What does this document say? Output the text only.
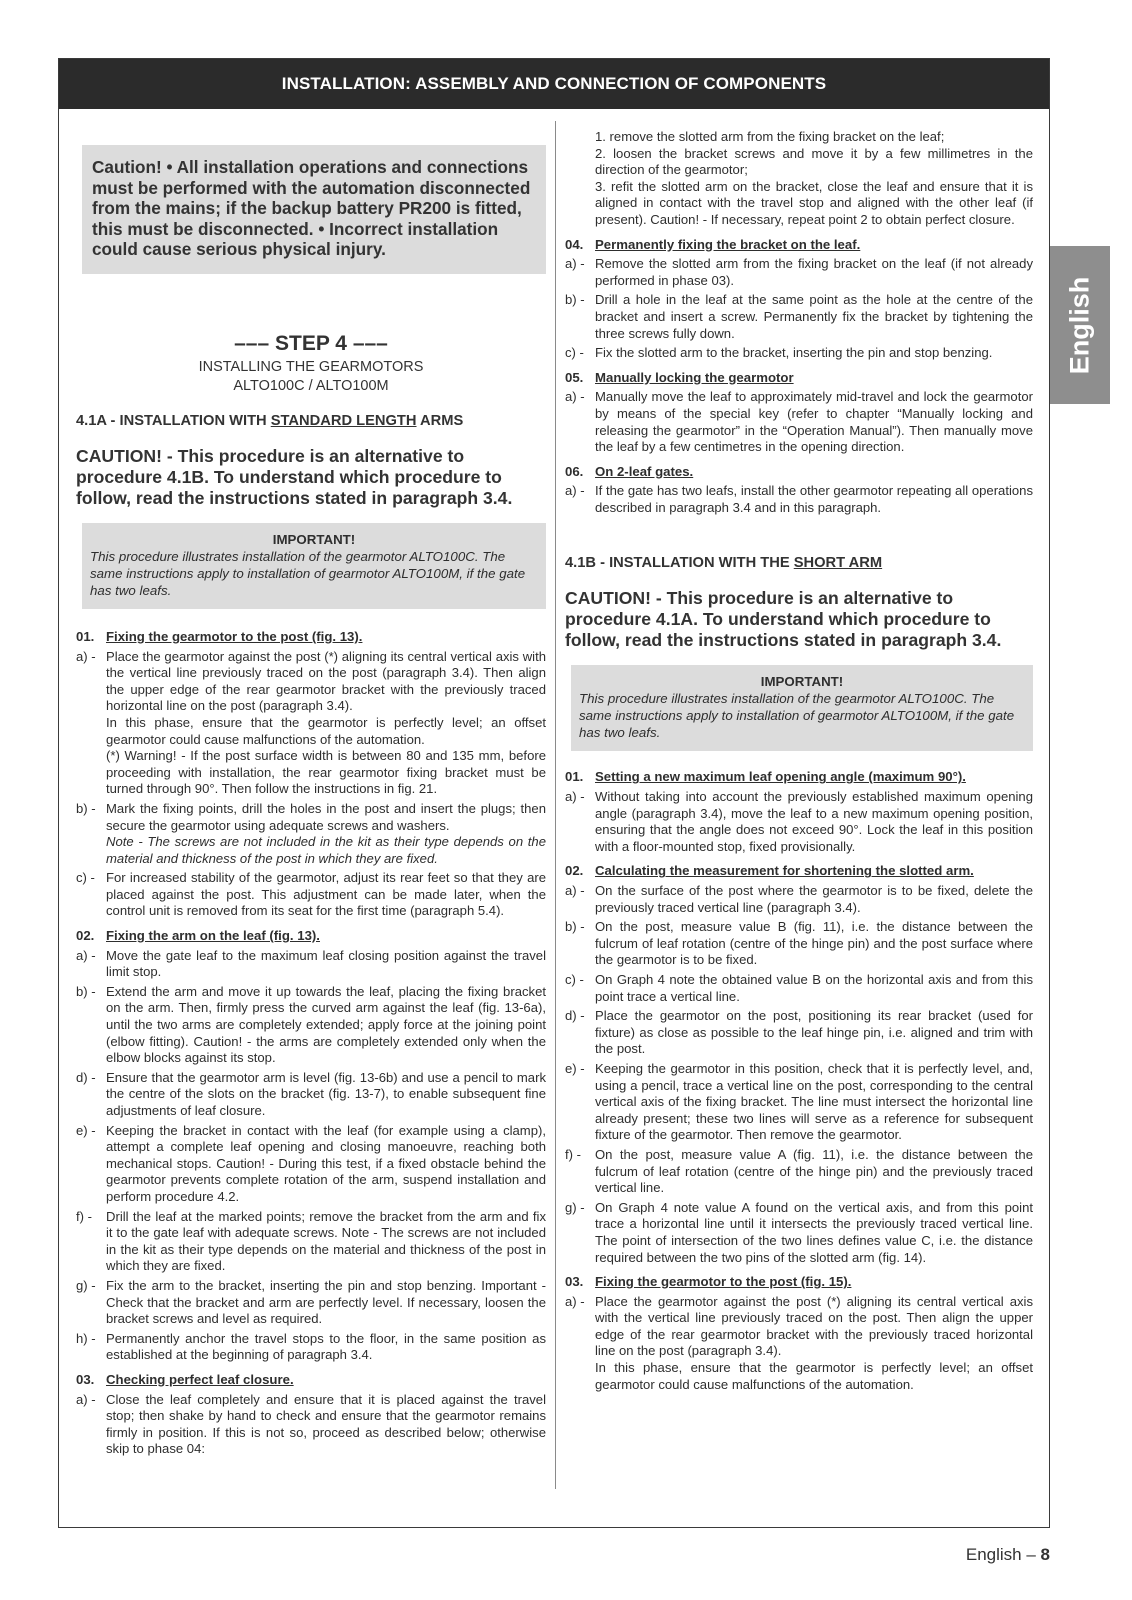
INSTALLATION: ASSEMBLY AND CONNECTION OF COMPONENTS
Caution! • All installation operations and connections must be performed with the automation disconnected from the mains; if the backup battery PR200 is fitted, this must be disconnected. • Incorrect installation could cause serious physical injury.
––– STEP 4 –––
INSTALLING THE GEARMOTORS
ALTO100C / ALTO100M
4.1A - INSTALLATION WITH STANDARD LENGTH ARMS
CAUTION! - This procedure is an alternative to procedure 4.1B. To understand which procedure to follow, read the instructions stated in paragraph 3.4.
IMPORTANT!
This procedure illustrates installation of the gearmotor ALTO100C. The same instructions apply to installation of gearmotor ALTO100M, if the gate has two leafs.
01. Fixing the gearmotor to the post (fig. 13).
a) - Place the gearmotor against the post (*) aligning its central vertical axis with the vertical line previously traced on the post (paragraph 3.4). Then align the upper edge of the rear gearmotor bracket with the previously traced horizontal line on the post (paragraph 3.4).
In this phase, ensure that the gearmotor is perfectly level; an offset gearmotor could cause malfunctions of the automation.
(*) Warning! - If the post surface width is between 80 and 135 mm, before proceeding with installation, the rear gearmotor fixing bracket must be turned through 90°. Then follow the instructions in fig. 21.
b) - Mark the fixing points, drill the holes in the post and insert the plugs; then secure the gearmotor using adequate screws and washers.
Note - The screws are not included in the kit as their type depends on the material and thickness of the post in which they are fixed.
c) - For increased stability of the gearmotor, adjust its rear feet so that they are placed against the post. This adjustment can be made later, when the control unit is removed from its seat for the first time (paragraph 5.4).
02. Fixing the arm on the leaf (fig. 13).
a) - Move the gate leaf to the maximum leaf closing position against the travel limit stop.
b) - Extend the arm and move it up towards the leaf, placing the fixing bracket on the arm. Then, firmly press the curved arm against the leaf (fig. 13-6a), until the two arms are completely extended; apply force at the joining point (elbow fitting). Caution! - the arms are completely extended only when the elbow blocks against its stop.
d) - Ensure that the gearmotor arm is level (fig. 13-6b) and use a pencil to mark the centre of the slots on the bracket (fig. 13-7), to enable subsequent fine adjustments of leaf closure.
e) - Keeping the bracket in contact with the leaf (for example using a clamp), attempt a complete leaf opening and closing manoeuvre, reaching both mechanical stops. Caution! - During this test, if a fixed obstacle behind the gearmotor prevents complete rotation of the arm, suspend installation and perform procedure 4.2.
f) -	Drill the leaf at the marked points; remove the bracket from the arm and fix it to the gate leaf with adequate screws. Note - The screws are not included in the kit as their type depends on the material and thickness of the post in which they are fixed.
g) - Fix the arm to the bracket, inserting the pin and stop benzing. Important - Check that the bracket and arm are perfectly level. If necessary, loosen the bracket screws and level as required.
h) - Permanently anchor the travel stops to the floor, in the same position as established at the beginning of paragraph 3.4.
03. Checking perfect leaf closure.
a) - Close the leaf completely and ensure that it is placed against the travel stop; then shake by hand to check and ensure that the gearmotor remains firmly in position. If this is not so, proceed as described below; otherwise skip to phase 04:

1. remove the slotted arm from the fixing bracket on the leaf;

2. loosen the bracket screws and move it by a few millimetres in the direction of the gearmotor;

3. refit the slotted arm on the bracket, close the leaf and ensure that it is aligned in contact with the travel stop and aligned with the other leaf (if present). Caution! - If necessary, repeat point 2 to obtain perfect closure.

04. Permanently fixing the bracket on the leaf.
a) - Remove the slotted arm from the fixing bracket on the leaf (if not already performed in phase 03).
b) - Drill a hole in the leaf at the same point as the hole at the centre of the bracket and insert a screw. Permanently fix the bracket by tightening the three screws fully down.
c) - Fix the slotted arm to the bracket, inserting the pin and stop benzing.
05. Manually locking the gearmotor
a) - Manually move the leaf to approximately mid-travel and lock the gearmotor by means of the special key (refer to chapter “Manually locking and releasing the gearmotor” in the “Operation Manual”). Then manually move the leaf by a few centimetres in the opening direction.
06. On 2-leaf gates.
a) - If the gate has two leafs, install the other gearmotor repeating all operations described in paragraph 3.4 and in this paragraph.
4.1B - INSTALLATION WITH THE SHORT ARM
CAUTION! - This procedure is an alternative to procedure 4.1A. To understand which procedure to follow, read the instructions stated in paragraph 3.4.
IMPORTANT!
This procedure illustrates installation of the gearmotor ALTO100C. The same instructions apply to installation of gearmotor ALTO100M, if the gate has two leafs.
01. Setting a new maximum leaf opening angle (maximum 90°).
a) - Without taking into account the previously established maximum opening angle (paragraph 3.4), move the leaf to a new maximum opening position, ensuring that the angle does not exceed 90°. Lock the leaf in this position with a floor-mounted stop, fixed provisionally.
02. Calculating the measurement for shortening the slotted arm.
a) - On the surface of the post where the gearmotor is to be fixed, delete the previously traced vertical line (paragraph 3.4).
b) - On the post, measure value B (fig. 11), i.e. the distance between the fulcrum of leaf rotation (centre of the hinge pin) and the post surface where the gearmotor is to be fixed.
c) - On Graph 4 note the obtained value B on the horizontal axis and from this point trace a vertical line.
d) - Place the gearmotor on the post, positioning its rear bracket (used for fixture) as close as possible to the leaf hinge pin, i.e. aligned and trim with the post.
e) - Keeping the gearmotor in this position, check that it is perfectly level, and, using a pencil, trace a vertical line on the post, corresponding to the central vertical axis of the fixing bracket. The line must intersect the horizontal line already present; these two lines will serve as a reference for subsequent fixture of the gearmotor. Then remove the gearmotor.
f) -	On the post, measure value A (fig. 11), i.e. the distance between the fulcrum of leaf rotation (centre of the hinge pin) and the previously traced vertical line.
g) - On Graph 4 note value A found on the vertical axis, and from this point trace a horizontal line until it intersects the previously traced vertical line. The point of intersection of the two lines defines value C, i.e. the distance required between the two pins of the slotted arm (fig. 14).
03. Fixing the gearmotor to the post (fig. 15).
a) - Place the gearmotor against the post (*) aligning its central vertical axis with the vertical line previously traced on the post. Then align the upper edge of the rear gearmotor bracket with the previously traced horizontal line on the post (paragraph 3.4).
In this phase, ensure that the gearmotor is perfectly level; an offset gearmotor could cause malfunctions of the automation.
English
English – 8
